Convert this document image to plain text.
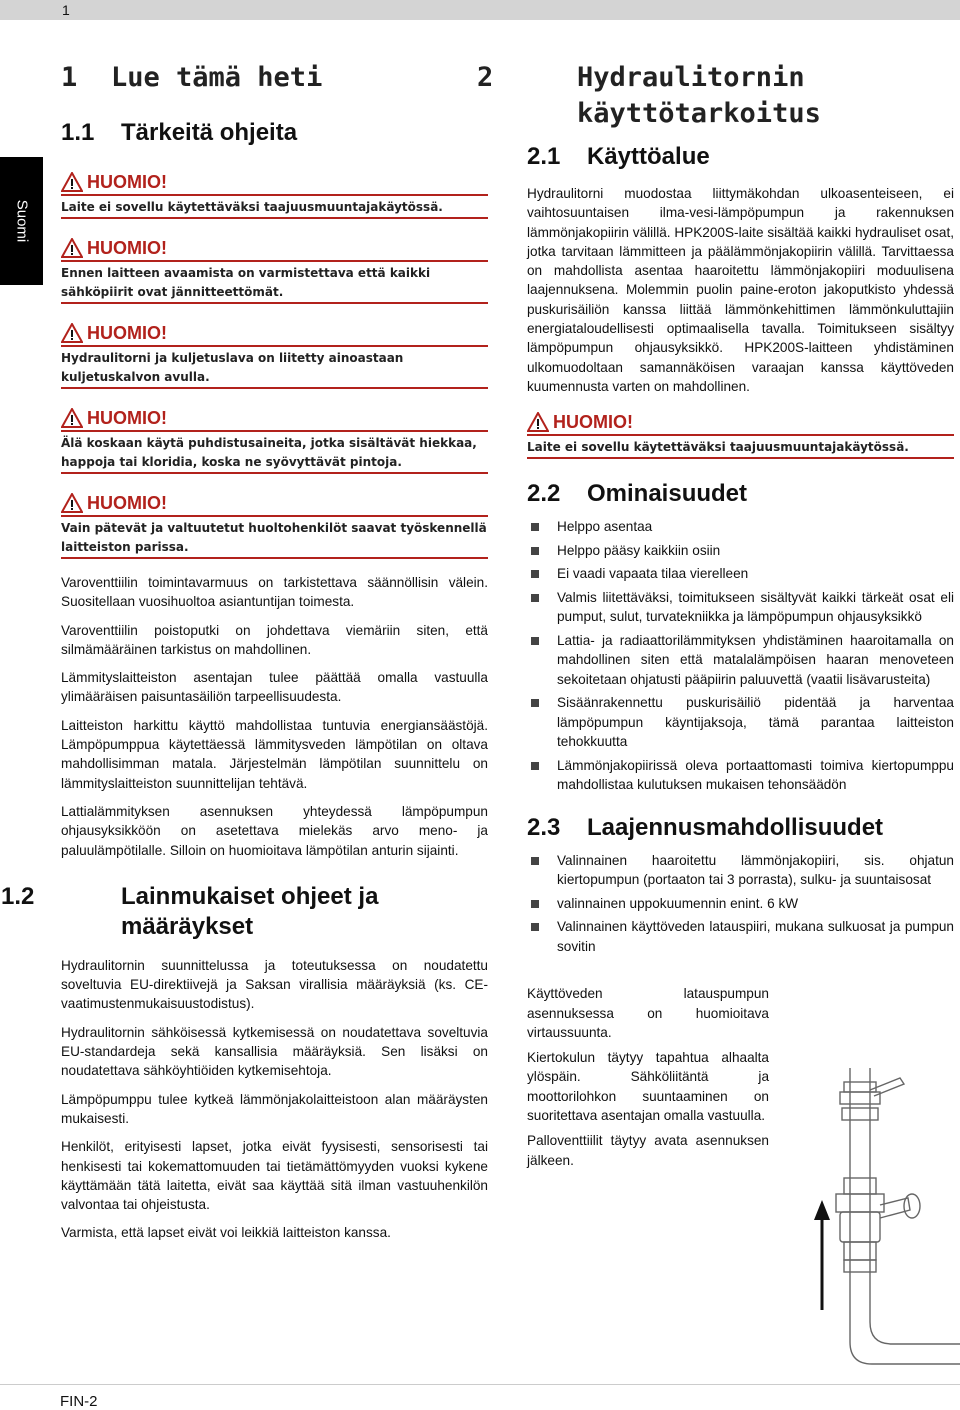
1
Suomi
1 Lue tämä heti
1.1 Tärkeitä ohjeita
HUOMIO!
Laite ei sovellu käytettäväksi taajuusmuuntajakäytössä.
HUOMIO!
Ennen laitteen avaamista on varmistettava että kaikki sähköpiirit ovat jännitteettömät.
HUOMIO!
Hydraulitorni ja kuljetuslava on liitetty ainoastaan kuljetuskalvon avulla.
HUOMIO!
Älä koskaan käytä puhdistusaineita, jotka sisältävät hiekkaa, happoja tai kloridia, koska ne syövyttävät pintoja.
HUOMIO!
Vain pätevät ja valtuutetut huoltohenkilöt saavat työskennellä laitteiston parissa.

Varoventtiilin toimintavarmuus on tarkistettava säännöllisin välein. Suositellaan vuosihuoltoa asiantuntijan toimesta.

Varoventtiilin poistoputki on johdettava viemäriin siten, että silmämääräinen tarkistus on mahdollinen.

Lämmityslaitteiston asentajan tulee päättää omalla vastuulla ylimääräisen paisuntasäiliön tarpeellisuudesta.

Laitteiston harkittu käyttö mahdollistaa tuntuvia energiansäästöjä. Lämpöpumppua käytettäessä lämmitysveden lämpötilan on oltava mahdollisimman matala. Järjestelmän lämpötilan suunnittelu on lämmityslaitteiston suunnittelijan tehtävä.

Lattialämmityksen asennuksen yhteydessä lämpöpumpun ohjausyksikköön on asetettava mielekäs arvo meno- ja paluulämpötilalle. Silloin on huomioitava lämpötilan anturin sijainti.

1.2	Lainmukaiset ohjeet ja määräykset

Hydraulitornin suunnittelussa ja toteutuksessa on noudatettu soveltuvia EU-direktiivejä ja Saksan virallisia määräyksiä (ks. CE-vaatimustenmukaisuustodistus).

Hydraulitornin sähköisessä kytkemisessä on noudatettava soveltuvia EU-standardeja sekä kansallisia määräyksiä. Sen lisäksi on noudatettava sähköyhtiöiden kytkemisehtoja.

Lämpöpumppu tulee kytkeä lämmönjakolaitteistoon alan määräysten mukaisesti.

Henkilöt, erityisesti lapset, jotka eivät fyysisesti, sensorisesti tai henkisesti tai kokemattomuuden tai tietämättömyyden vuoksi kykene käyttämään tätä laitetta, eivät saa käyttää sitä ilman vastuuhenkilön valvontaa tai ohjeistusta.

Varmista, että lapset eivät voi leikkiä laitteiston kanssa.

2	Hydraulitornin käyttötarkoitus
2.1 Käyttöalue

Hydraulitorni muodostaa liittymäkohdan ulkoasenteiseen, ei vaihtosuuntaisen ilma-vesi-lämpöpumpun ja rakennuksen lämmönjakopiirin välillä. HPK200S-laite sisältää kaikki hydrauliset osat, jotka tarvitaan lämmitteen ja päälämmönjakopiirin välillä. Tarvittaessa on mahdollista asentaa haaroitettu lämmönjakopiiri moduulisena laajennuksena. Molemmin puolin paine-eroton jakoputkisto yhdessä puskurisäiliön kanssa liittää lämmönkehittimen lämmönkuluttajiin energiataloudellisesti optimaalisella tavalla. Toimitukseen sisältyy lämpöpumpun ohjausyksikkö. HPK200S-laitteen yhdistäminen ulkomuodoltaan samannäköisen varaajan kanssa käyttöveden kuumennusta varten on mahdollinen.

HUOMIO!
Laite ei sovellu käytettäväksi taajuusmuuntajakäytössä.
2.2 Ominaisuudet
Helppo asentaa
Helppo pääsy kaikkiin osiin
Ei vaadi vapaata tilaa vierelleen
Valmis liitettäväksi, toimitukseen sisältyvät kaikki tärkeät osat eli pumput, sulut, turvatekniikka ja lämpöpumpun ohjausyksikkö
Lattia- ja radiaattorilämmityksen yhdistäminen haaroitamalla on mahdollinen siten että matalalämpöisen haaran menoveteen sekoitetaan ohjatusti pääpiirin paluuvettä (vaatii lisävarusteita)
Sisäänrakennettu puskurisäiliö pidentää ja harventaa lämpöpumpun käyntijaksoja, tämä parantaa laitteiston tehokkuutta
Lämmönjakopiirissä oleva portaattomasti toimiva kiertopumppu mahdollistaa kulutuksen mukaisen tehonsäädön
2.3 Laajennusmahdollisuudet
Valinnainen haaroitettu lämmönjakopiiri, sis. ohjatun kiertopumpun (portaaton tai 3 porrasta), sulku- ja suuntaisosat
valinnainen uppokuumennin enint. 6 kW
Valinnainen käyttöveden latauspiiri, mukana sulkuosat ja pumpun sovitin

Käyttöveden latauspumpun asennuksessa on huomioitava virtaussuunta.

Kiertokulun täytyy tapahtua alhaalta ylöspäin. Sähköliitäntä ja moottorilohkon suuntaaminen on suoritettava asentajan omalla vastuulla.

Palloventtiilit täytyy avata asennuksen jälkeen.

FIN-2
